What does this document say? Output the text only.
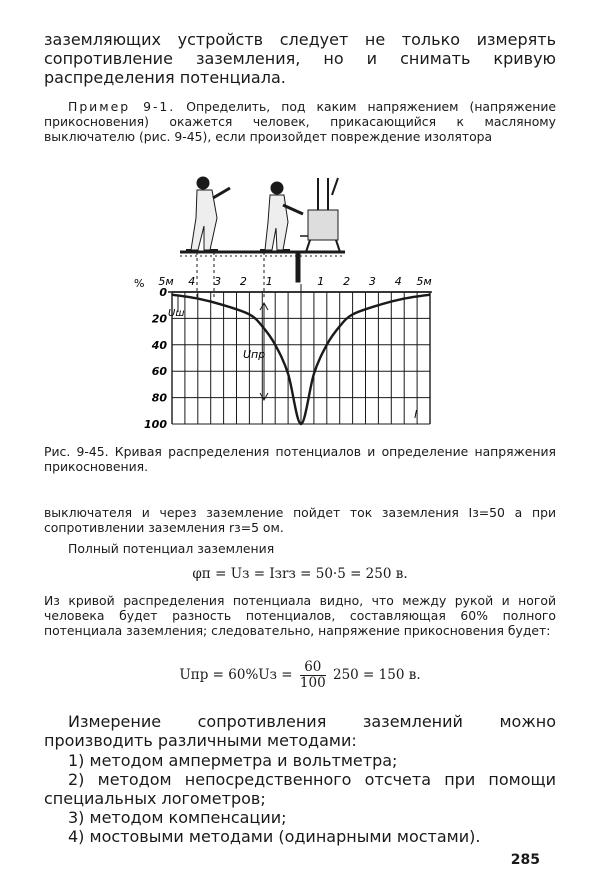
заземляющих устройств следует не только измерять сопротивление заземления, но и снимать кривую распределения потенциала.
Пример 9-1. Определить, под каким напряжением (напряжение прикосновения) окажется человек, прикасающийся к масляному выключателю (рис. 9-45), если произойдет повреждение изолятора
0
20
40
60
80
100
5м 4 3 2 1	1 2 3 4 5м
%
Uш
Uпр
l
Рис. 9-45. Кривая распределения потенциалов и определение напряжения прикосновения.
выключателя и через заземление пойдет ток заземления Iз=50 а при сопротивлении заземления rз=5 ом.
Полный потенциал заземления
φп = Uз = Iзrз = 50·5 = 250 в.
Из кривой распределения потенциала видно, что между рукой и ногой человека будет разность потенциалов, составляющая 60% полного потенциала заземления; следовательно, напряжение прикосновения будет:
Uпр = $60\%Uз = \frac{60}{100} 250 = 150$ в.
Измерение сопротивления заземлений можно производить различными методами:
1) методом амперметра и вольтметра;
2) методом непосредственного отсчета при помощи специальных логометров;
3) методом компенсации;
4) мостовыми методами (одинарными мостами).
285
